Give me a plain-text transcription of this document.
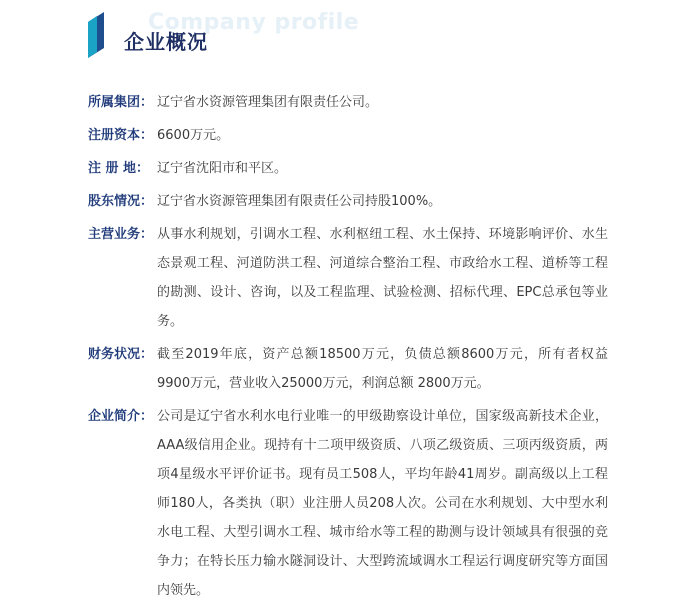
Company profile
企业概况
所属集团： 辽宁省水资源管理集团有限责任公司。
注册资本： 6600万元。
注 册 地： 辽宁省沈阳市和平区。
股东情况： 辽宁省水资源管理集团有限责任公司持股100%。
主营业务： 从事水利规划，引调水工程、水利枢纽工程、水土保持、环境影响评价、水生态景观工程、河道防洪工程、河道综合整治工程、市政给水工程、道桥等工程的勘测、设计、咨询，以及工程监理、试验检测、招标代理、EPC总承包等业务。
财务状况： 截至2019年底，资产总额18500万元，负债总额8600万元，所有者权益9900万元，营业收入25000万元，利润总额 2800万元。
企业简介： 公司是辽宁省水利水电行业唯一的甲级勘察设计单位，国家级高新技术企业，AAA级信用企业。现持有十二项甲级资质、八项乙级资质、三项丙级资质，两项4星级水平评价证书。现有员工508人，平均年龄41周岁。副高级以上工程师180人，各类执（职）业注册人员208人次。公司在水利规划、大中型水利水电工程、大型引调水工程、城市给水等工程的勘测与设计领域具有很强的竞争力；在特长压力输水隧洞设计、大型跨流域调水工程运行调度研究等方面国内领先。
